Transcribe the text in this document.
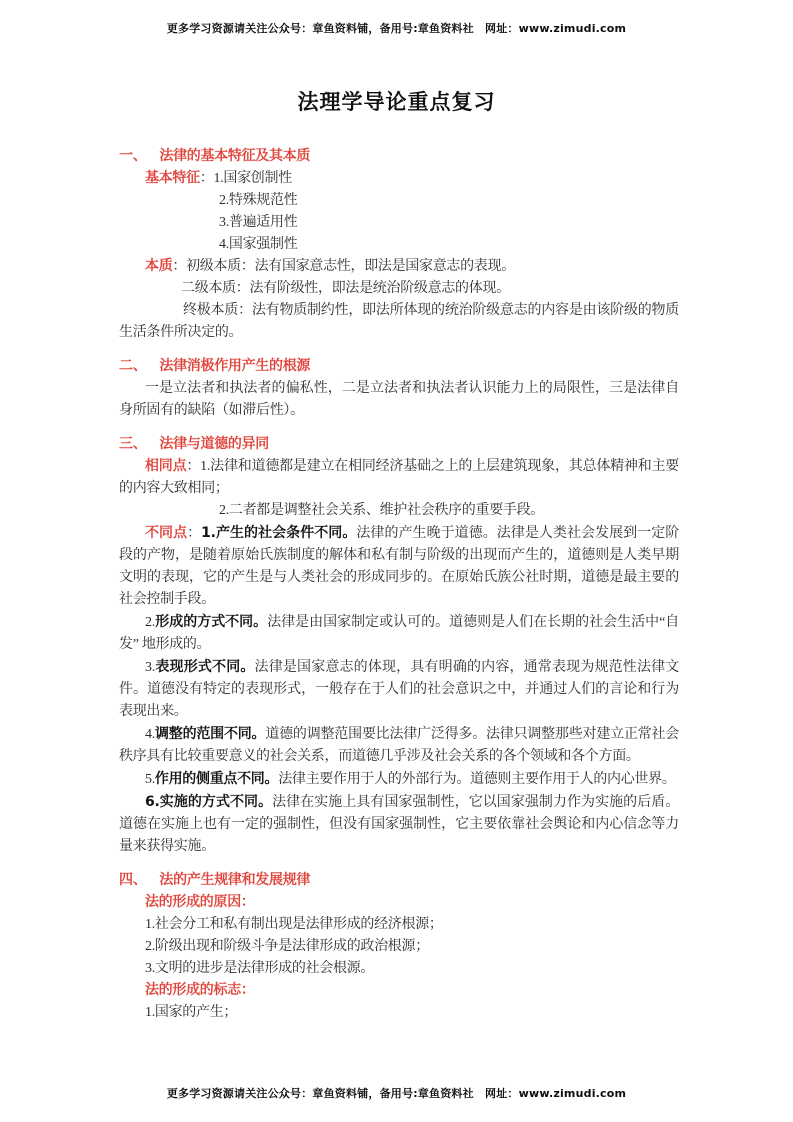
更多学习资源请关注公众号：章鱼资料铺，备用号:章鱼资料社　网址：www.zimudi.com
法理学导论重点复习
一、 法律的基本特征及其本质
基本特征：1.国家创制性
2.特殊规范性
3.普遍适用性
4.国家强制性
本质：初级本质：法有国家意志性，即法是国家意志的表现。
二级本质：法有阶级性，即法是统治阶级意志的体现。
终极本质：法有物质制约性，即法所体现的统治阶级意志的内容是由该阶级的物质生活条件所决定的。
二、 法律消极作用产生的根源
一是立法者和执法者的偏私性，二是立法者和执法者认识能力上的局限性，三是法律自身所固有的缺陷（如滞后性）。
三、 法律与道德的异同
相同点：1.法律和道德都是建立在相同经济基础之上的上层建筑现象，其总体精神和主要的内容大致相同；
2.二者都是调整社会关系、维护社会秩序的重要手段。
不同点：1.产生的社会条件不同。法律的产生晚于道德。法律是人类社会发展到一定阶段的产物，是随着原始氏族制度的解体和私有制与阶级的出现而产生的，道德则是人类早期文明的表现，它的产生是与人类社会的形成同步的。在原始氏族公社时期，道德是最主要的社会控制手段。
2.形成的方式不同。法律是由国家制定或认可的。道德则是人们在长期的社会生活中“自发” 地形成的。
3.表现形式不同。法律是国家意志的体现，具有明确的内容，通常表现为规范性法律文件。道德没有特定的表现形式，一般存在于人们的社会意识之中，并通过人们的言论和行为表现出来。
4.调整的范围不同。道德的调整范围要比法律广泛得多。法律只调整那些对建立正常社会秩序具有比较重要意义的社会关系，而道德几乎涉及社会关系的各个领域和各个方面。
5.作用的侧重点不同。法律主要作用于人的外部行为。道德则主要作用于人的内心世界。
6.实施的方式不同。法律在实施上具有国家强制性，它以国家强制力作为实施的后盾。道德在实施上也有一定的强制性，但没有国家强制性，它主要依靠社会舆论和内心信念等力量来获得实施。
四、 法的产生规律和发展规律
法的形成的原因：
1.社会分工和私有制出现是法律形成的经济根源；
2.阶级出现和阶级斗争是法律形成的政治根源；
3.文明的进步是法律形成的社会根源。
法的形成的标志：
1.国家的产生；
更多学习资源请关注公众号：章鱼资料铺，备用号:章鱼资料社　网址：www.zimudi.com
